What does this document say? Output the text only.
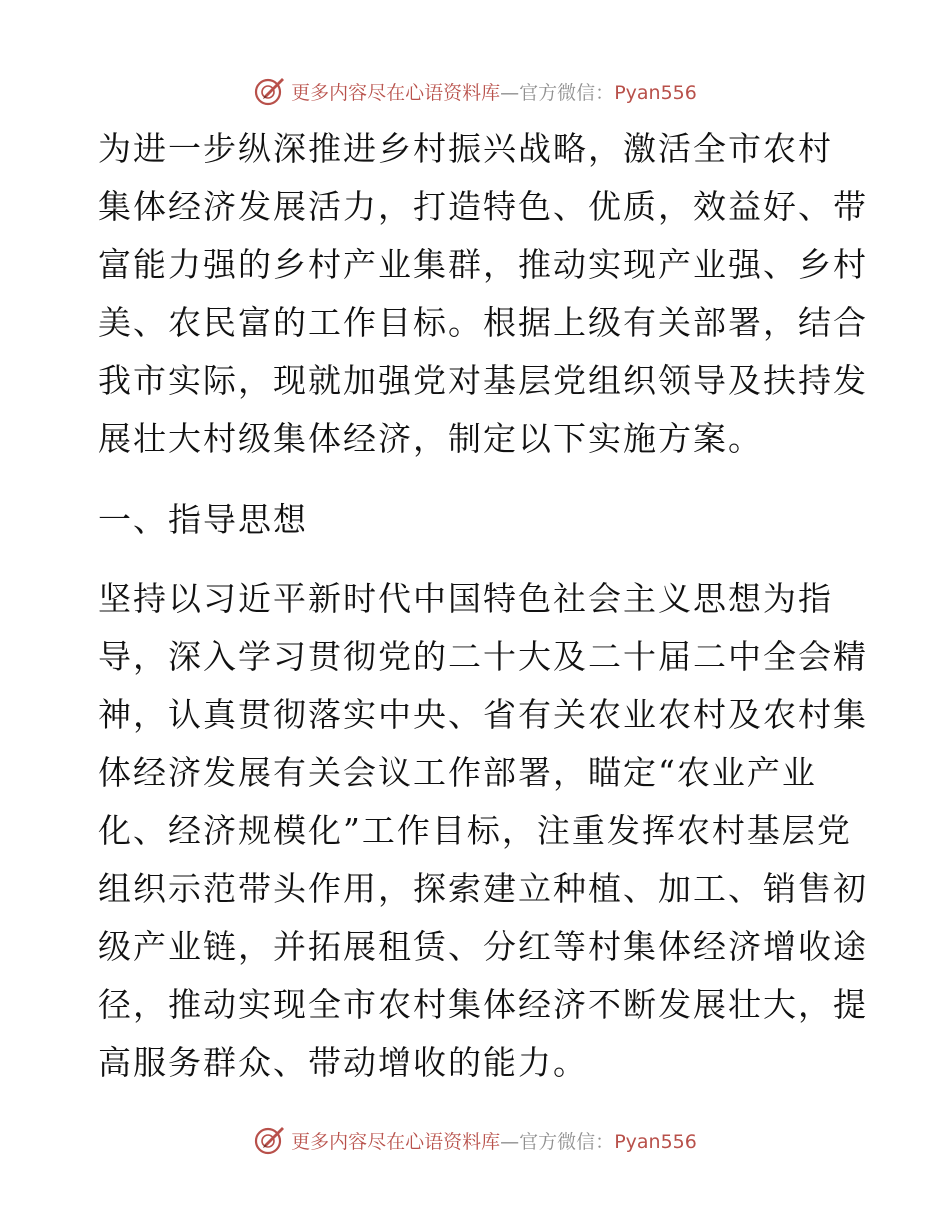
更多内容尽在心语资料库—官方微信：Pyan556
为进一步纵深推进乡村振兴战略，激活全市农村
集体经济发展活力，打造特色、优质，效益好、带
富能力强的乡村产业集群，推动实现产业强、乡村
美、农民富的工作目标。根据上级有关部署，结合
我市实际，现就加强党对基层党组织领导及扶持发
展壮大村级集体经济，制定以下实施方案。
一、指导思想
坚持以习近平新时代中国特色社会主义思想为指
导，深入学习贯彻党的二十大及二十届二中全会精
神，认真贯彻落实中央、省有关农业农村及农村集
体经济发展有关会议工作部署，瞄定“农业产业
化、经济规模化”工作目标，注重发挥农村基层党
组织示范带头作用，探索建立种植、加工、销售初
级产业链，并拓展租赁、分红等村集体经济增收途
径，推动实现全市农村集体经济不断发展壮大，提
高服务群众、带动增收的能力。
更多内容尽在心语资料库—官方微信：Pyan556
